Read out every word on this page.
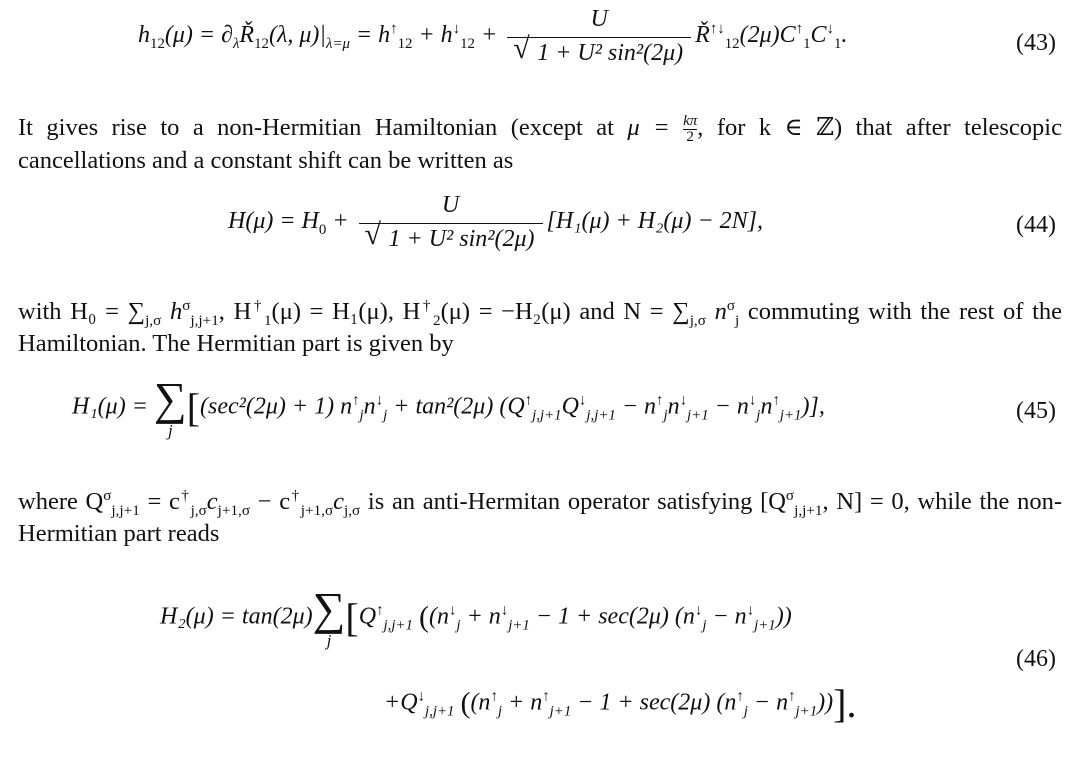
$h_{12}(\mu)$ = $\partial_\lambda Ř_{12}(\lambda$, $\mu)|_{\lambda=\mu} = h^↑_{12} + h^↓_{12} + U$
√ 1 + U² sin²(2μ) $Ř^{↑↓}_{12}(2\mu)C^↑_1C^↓_1$.	(43)

It gives rise to a non-Hermitian Hamiltonian (except at $\mu = \frac{k\pi}{2}$ , for k ∈ ℤ) that after telescopic cancellations and a constant shift can be written as

$H(\mu) = H_0 + U$
√ 1 + U² sin²(2μ) [H₁(μ) + H₂(μ) − 2N],	(44)

with $H_0 = \sum_{j,\sigma}$ $h^\sigma_{j,j+1}$, $H^\dagger_1(\mu) = H_1(\mu)$, $H^\dagger_2(\mu) = -H_2(\mu)$ and $N = \sum_{j,\sigma}$ $n^\sigma_j$ commuting with the rest of the Hamiltonian. The Hermitian part is given by

H₁(μ) = ∑
j
[(sec²(2μ) + 1) $n^↑_jn^↓_j + \tan^2(2\mu) (Q^↑_{j,j+1}Q^↓_{j,j+1} - n^↑_jn^↓_{j+1} - n^↓_jn^↑_{j+1})$],	(45)

where $Q^\sigma_{j,j+1} = c^\dagger_{j,\sigma}c_{j+1,\sigma} - c^\dagger_{j+1,\sigma}c_{j,\sigma}$ is an anti-Hermitan operator satisfying [$Q^\sigma_{j,j+1}$, N] = 0, while the non-Hermitian part reads

H₂(μ) = tan(2μ) ∑
j
[$Q^↑_{j,j+1}$ ($(n^↓_j + n^↓_{j+1} - 1 + \sec(2\mu) (n^↓_j - n^↓_{j+1}))$
$+Q^↓_{j,j+1}$ $((n^↑_j + n^↑_{j+1} - 1 + \sec(2\mu) (n^↑_j - n^↑_{j+1}))]$.
(46)
